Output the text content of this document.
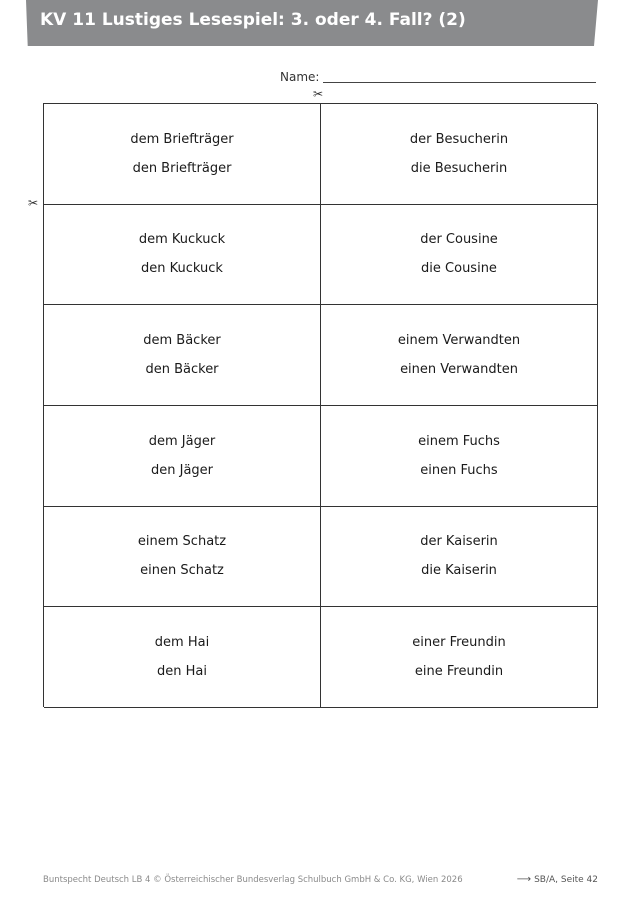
KV 11 Lustiges Lesespiel: 3. oder 4. Fall? (2)
Name:
✂
✂
dem Briefträger
den Briefträger
der Besucherin
die Besucherin
dem Kuckuck
den Kuckuck
der Cousine
die Cousine
dem Bäcker
den Bäcker
einem Verwandten
einen Verwandten
dem Jäger
den Jäger
einem Fuchs
einen Fuchs
einem Schatz
einen Schatz
der Kaiserin
die Kaiserin
dem Hai
den Hai
einer Freundin
eine Freundin
Buntspecht Deutsch LB 4 © Österreichischer Bundesverlag Schulbuch GmbH & Co. KG, Wien 2026	⟶ SB/A, Seite 42
